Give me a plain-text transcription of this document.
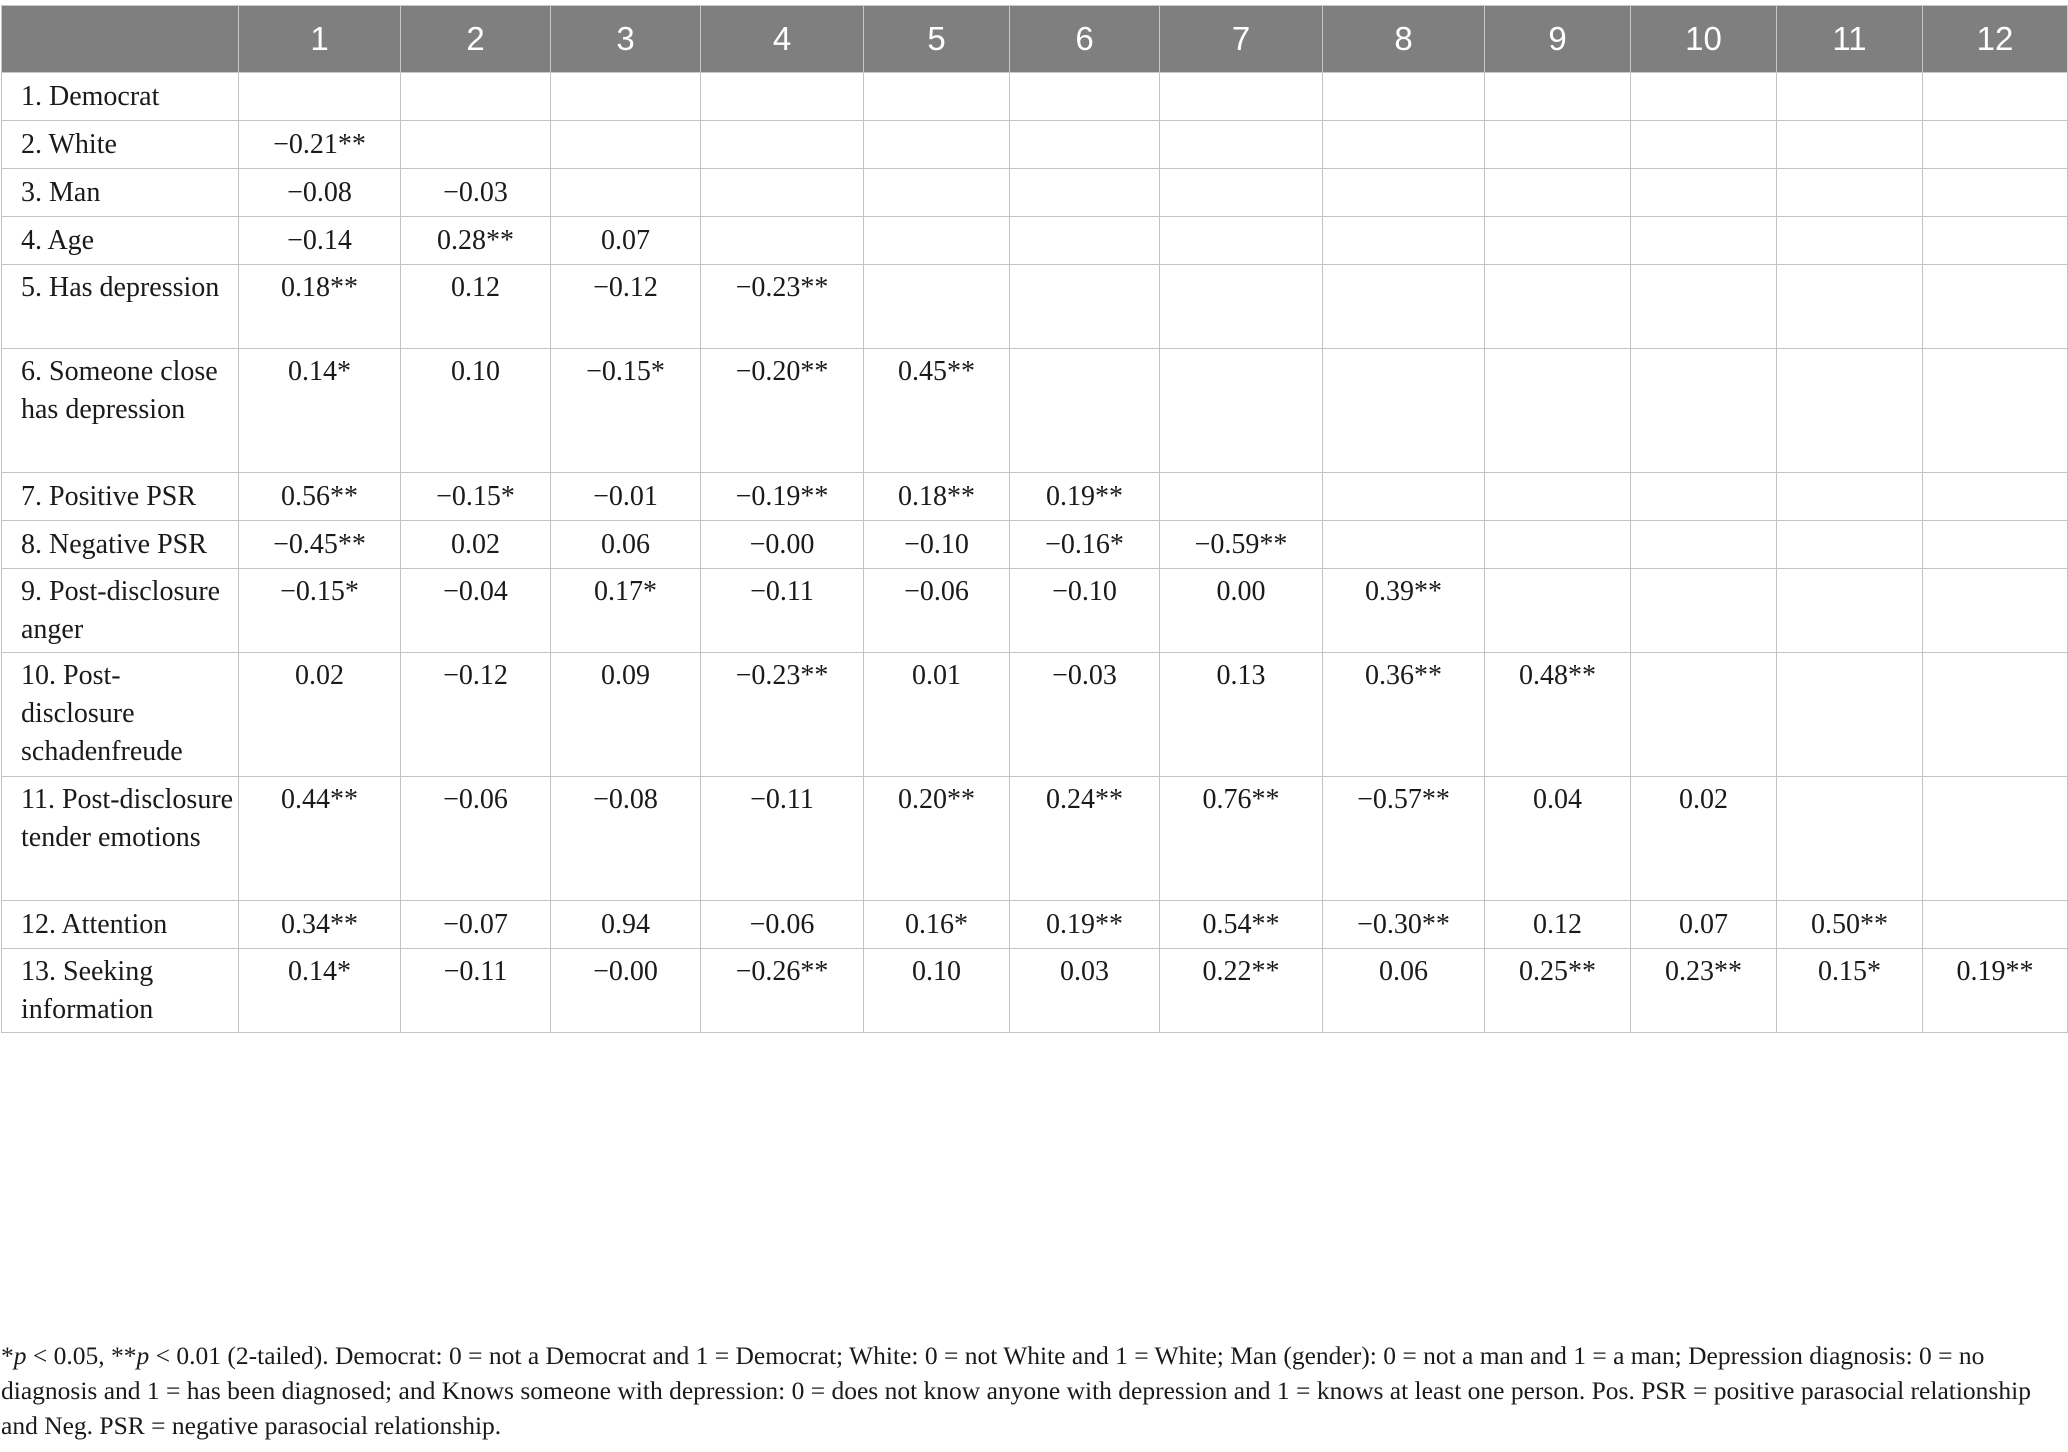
	1	2	3	4	5	6	7	8	9	10	11	12
1. Democrat												
2. White	−0.21**											
3. Man	−0.08	−0.03										
4. Age	−0.14	0.28**	0.07									
5. Has depression	0.18**	0.12	−0.12	−0.23**								
6. Someone close has depression	0.14*	0.10	−0.15*	−0.20**	0.45**							
7. Positive PSR	0.56**	−0.15*	−0.01	−0.19**	0.18**	0.19**						
8. Negative PSR	−0.45**	0.02	0.06	−0.00	−0.10	−0.16*	−0.59**					
9. Post-disclosure anger	−0.15*	−0.04	0.17*	−0.11	−0.06	−0.10	0.00	0.39**				
10. Post-disclosure schadenfreude	0.02	−0.12	0.09	−0.23**	0.01	−0.03	0.13	0.36**	0.48**			
11. Post-disclosure tender emotions	0.44**	−0.06	−0.08	−0.11	0.20**	0.24**	0.76**	−0.57**	0.04	0.02		
12. Attention	0.34**	−0.07	0.94	−0.06	0.16*	0.19**	0.54**	−0.30**	0.12	0.07	0.50**	
13. Seeking information	0.14*	−0.11	−0.00	−0.26**	0.10	0.03	0.22**	0.06	0.25**	0.23**	0.15*	0.19**
*p < 0.05, **p < 0.01 (2-tailed). Democrat: 0 = not a Democrat and 1 = Democrat; White: 0 = not White and 1 = White; Man (gender): 0 = not a man and 1 = a man; Depression diagnosis: 0 = no diagnosis and 1 = has been diagnosed; and Knows someone with depression: 0 = does not know anyone with depression and 1 = knows at least one person. Pos. PSR = positive parasocial relationship and Neg. PSR = negative parasocial relationship.
